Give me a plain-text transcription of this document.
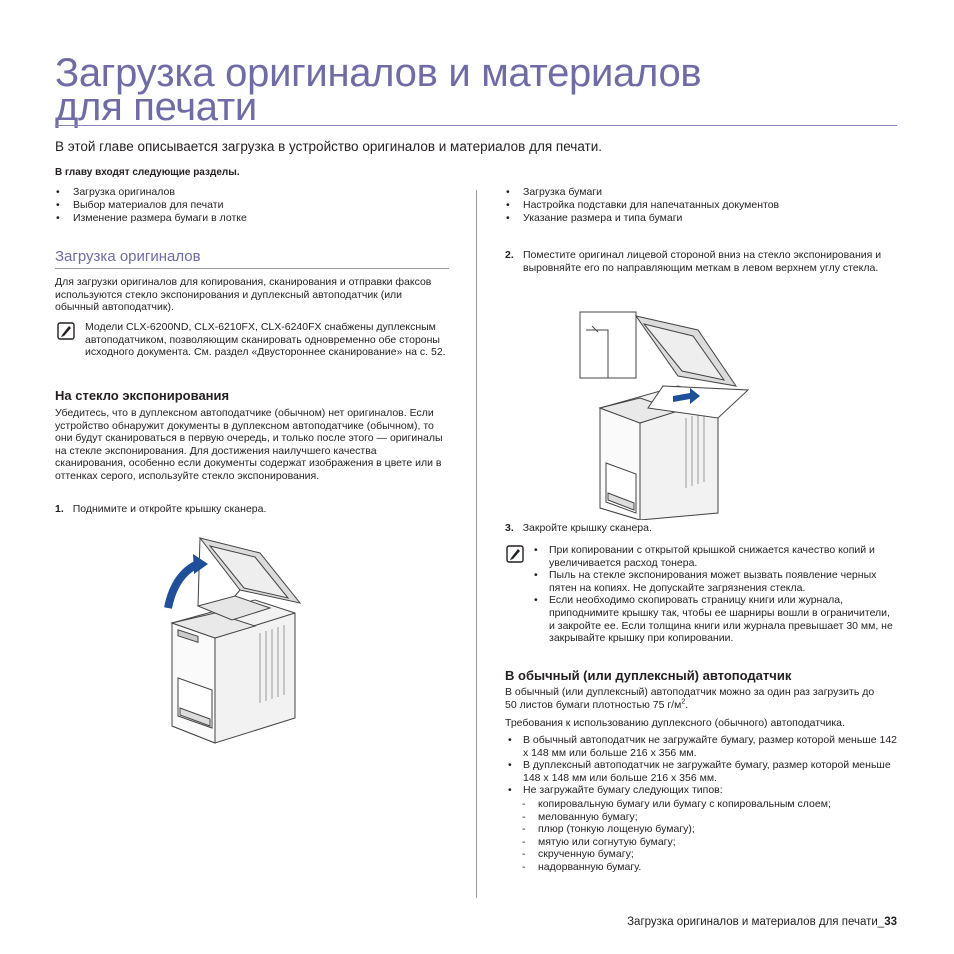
Загрузка оригиналов и материалов
для печати
В этой главе описывается загрузка в устройство оригиналов и материалов для печати.
В главу входят следующие разделы.
• Загрузка оригиналов
• Выбор материалов для печати
• Изменение размера бумаги в лотке
• Загрузка бумаги
• Настройка подставки для напечатанных документов
• Указание размера и типа бумаги
Загрузка оригиналов
Для загрузки оригиналов для копирования, сканирования и отправки факсов используются стекло экспонирования и дуплексный автоподатчик (или обычный автоподатчик).
Модели CLX-6200ND, CLX-6210FX, CLX-6240FX снабжены дуплексным автоподатчиком, позволяющим сканировать одновременно обе стороны исходного документа. См. раздел «Двустороннее сканирование» на с. 52.
На стекло экспонирования
Убедитесь, что в дуплексном автоподатчике (обычном) нет оригиналов. Если устройство обнаружит документы в дуплексном автоподатчике (обычном), то они будут сканироваться в первую очередь, и только после этого — оригиналы на стекле экспонирования. Для достижения наилучшего качества сканирования, особенно если документы содержат изображения в цвете или в оттенках серого, используйте стекло экспонирования.
1. Поднимите и откройте крышку сканера.
2. Поместите оригинал лицевой стороной вниз на стекло экспонирования и выровняйте его по направляющим меткам в левом верхнем углу стекла.
3. Закройте крышку сканера.
• При копировании с открытой крышкой снижается качество копий и увеличивается расход тонера.
• Пыль на стекле экспонирования может вызвать появление черных пятен на копиях. Не допускайте загрязнения стекла.
• Если необходимо скопировать страницу книги или журнала, приподнимите крышку так, чтобы ее шарниры вошли в ограничители, и закройте ее. Если толщина книги или журнала превышает 30 мм, не закрывайте крышку при копировании.
В обычный (или дуплексный) автоподатчик
В обычный (или дуплексный) автоподатчик можно за один раз загрузить до 50 листов бумаги плотностью 75 $г/м^2$.
Требования к использованию дуплексного (обычного) автоподатчика.
• В обычный автоподатчик не загружайте бумагу, размер которой меньше 142 x 148 мм или больше 216 x 356 мм.
• В дуплексный автоподатчик не загружайте бумагу, размер которой меньше 148 x 148 мм или больше 216 x 356 мм.
• Не загружайте бумагу следующих типов:
- копировальную бумагу или бумагу с копировальным слоем;
- мелованную бумагу;
- плюр (тонкую лощеную бумагу);
- мятую или согнутую бумагу;
- скрученную бумагу;
- надорванную бумагу.
Загрузка оригиналов и материалов для печати_33
